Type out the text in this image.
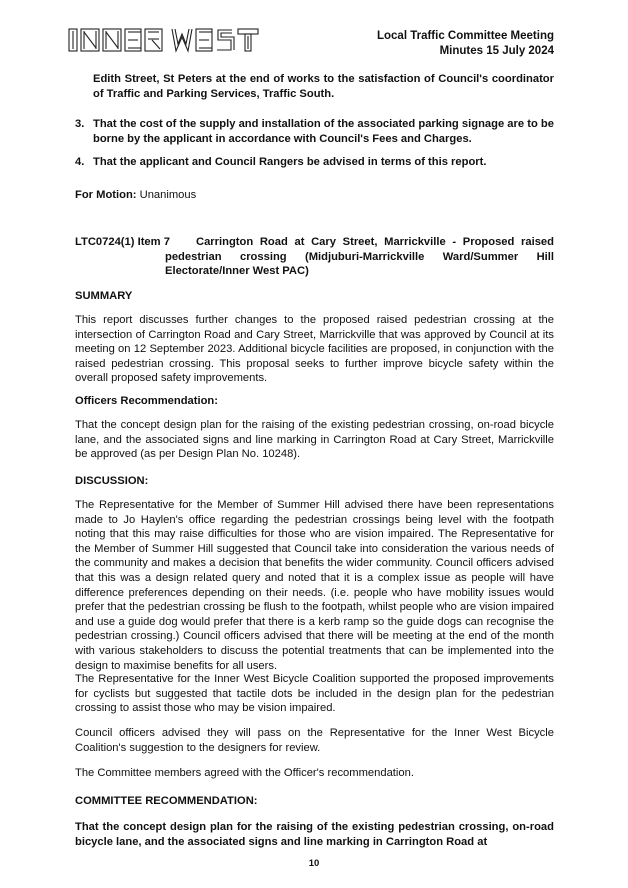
Local Traffic Committee Meeting
Minutes 15 July 2024

Edith Street, St Peters at the end of works to the satisfaction of Council's coordinator of Traffic and Parking Services, Traffic South.

3. That the cost of the supply and installation of the associated parking signage are to be borne by the applicant in accordance with Council's Fees and Charges.
4. That the applicant and Council Rangers be advised in terms of this report.

For Motion: Unanimous

LTC0724(1) Item 7 Carrington Road at Cary Street, Marrickville - Proposed raised
pedestrian crossing (Midjuburi-Marrickville Ward/Summer Hill Electorate/Inner West PAC)

SUMMARY

This report discusses further changes to the proposed raised pedestrian crossing at the intersection of Carrington Road and Cary Street, Marrickville that was approved by Council at its meeting on 12 September 2023. Additional bicycle facilities are proposed, in conjunction with the raised pedestrian crossing. This proposal seeks to further improve bicycle safety within the overall proposed safety improvements.

Officers Recommendation:

That the concept design plan for the raising of the existing pedestrian crossing, on-road bicycle lane, and the associated signs and line marking in Carrington Road at Cary Street, Marrickville be approved (as per Design Plan No. 10248).

DISCUSSION:

The Representative for the Member of Summer Hill advised there have been representations made to Jo Haylen's office regarding the pedestrian crossings being level with the footpath noting that this may raise difficulties for those who are vision impaired. The Representative for the Member of Summer Hill suggested that Council take into consideration the various needs of the community and makes a decision that benefits the wider community. Council officers advised that this was a design related query and noted that it is a complex issue as people will have difference preferences depending on their needs. (i.e. people who have mobility issues would prefer that the pedestrian crossing be flush to the footpath, whilst people who are vision impaired and use a guide dog would prefer that there is a kerb ramp so the guide dogs can recognise the pedestrian crossing.) Council officers advised that there will be meeting at the end of the month with various stakeholders to discuss the potential treatments that can be implemented into the design to maximise benefits for all users.

The Representative for the Inner West Bicycle Coalition supported the proposed improvements for cyclists but suggested that tactile dots be included in the design plan for the pedestrian crossing to assist those who may be vision impaired.

Council officers advised they will pass on the Representative for the Inner West Bicycle Coalition's suggestion to the designers for review.

The Committee members agreed with the Officer's recommendation.

COMMITTEE RECOMMENDATION:

That the concept design plan for the raising of the existing pedestrian crossing, on-road bicycle lane, and the associated signs and line marking in Carrington Road at

10
